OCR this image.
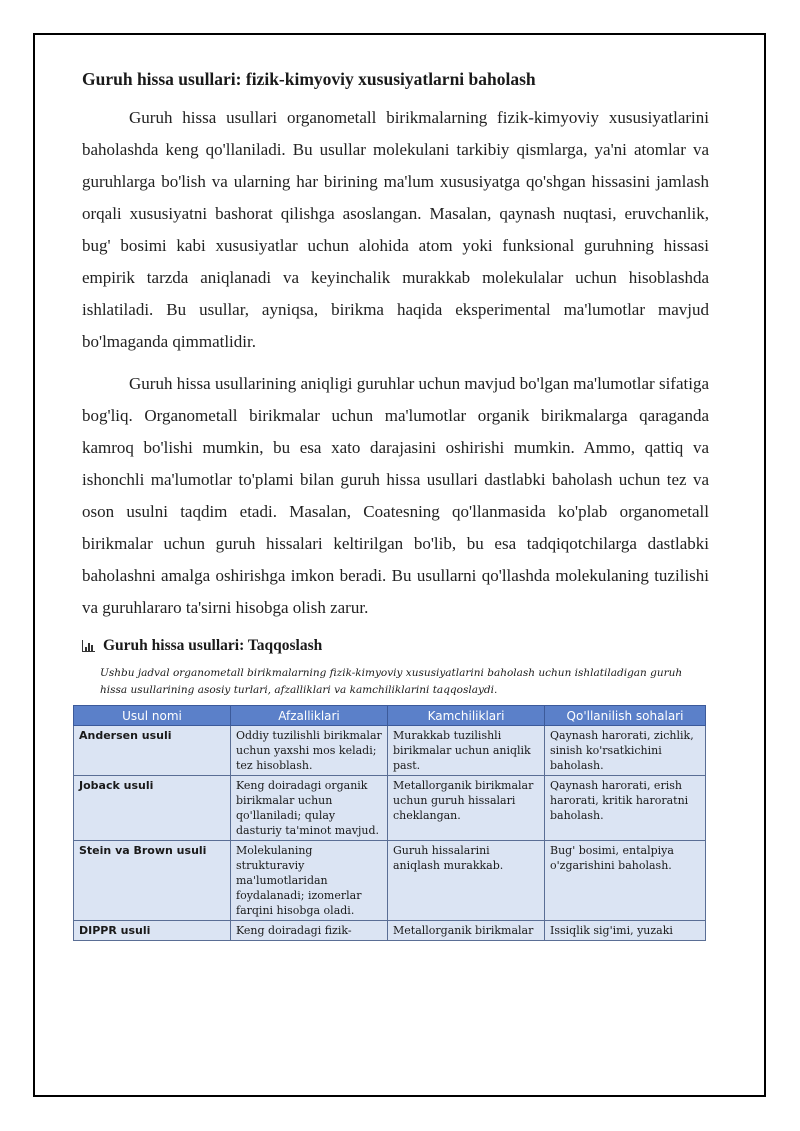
Guruh hissa usullari: fizik-kimyoviy xususiyatlarni baholash

Guruh hissa usullari organometall birikmalarning fizik-kimyoviy xususiyatlarini baholashda keng qo'llaniladi. Bu usullar molekulani tarkibiy qismlarga, ya'ni atomlar va guruhlarga bo'lish va ularning har birining ma'lum xususiyatga qo'shgan hissasini jamlash orqali xususiyatni bashorat qilishga asoslangan. Masalan, qaynash nuqtasi, eruvchanlik, bug' bosimi kabi xususiyatlar uchun alohida atom yoki funksional guruhning hissasi empirik tarzda aniqlanadi va keyinchalik murakkab molekulalar uchun hisoblashda ishlatiladi. Bu usullar, ayniqsa, birikma haqida eksperimental ma'lumotlar mavjud bo'lmaganda qimmatlidir.

Guruh hissa usullarining aniqligi guruhlar uchun mavjud bo'lgan ma'lumotlar sifatiga bog'liq. Organometall birikmalar uchun ma'lumotlar organik birikmalarga qaraganda kamroq bo'lishi mumkin, bu esa xato darajasini oshirishi mumkin. Ammo, qattiq va ishonchli ma'lumotlar to'plami bilan guruh hissa usullari dastlabki baholash uchun tez va oson usulni taqdim etadi. Masalan, Coatesning qo'llanmasida ko'plab organometall birikmalar uchun guruh hissalari keltirilgan bo'lib, bu esa tadqiqotchilarga dastlabki baholashni amalga oshirishga imkon beradi. Bu usullarni qo'llashda molekulaning tuzilishi va guruhlararo ta'sirni hisobga olish zarur.

Guruh hissa usullari: Taqqoslash
Ushbu jadval organometall birikmalarning fizik-kimyoviy xususiyatlarini baholash uchun ishlatiladigan guruh hissa usullarining asosiy turlari, afzalliklari va kamchiliklarini taqqoslaydi.
Usul nomi	Afzalliklari	Kamchiliklari	Qo'llanilish sohalari
Andersen usuli	Oddiy tuzilishli birikmalar uchun yaxshi mos keladi; tez hisoblash.	Murakkab tuzilishli birikmalar uchun aniqlik past.	Qaynash harorati, zichlik, sinish ko'rsatkichini baholash.
Joback usuli	Keng doiradagi organik birikmalar uchun qo'llaniladi; qulay dasturiy ta'minot mavjud.	Metallorganik birikmalar uchun guruh hissalari cheklangan.	Qaynash harorati, erish harorati, kritik haroratni baholash.
Stein va Brown usuli	Molekulaning strukturaviy ma'lumotlaridan foydalanadi; izomerlar farqini hisobga oladi.	Guruh hissalarini aniqlash murakkab.	Bug' bosimi, entalpiya o'zgarishini baholash.
DIPPR usuli	Keng doiradagi fizik-	Metallorganik birikmalar	Issiqlik sig'imi, yuzaki
